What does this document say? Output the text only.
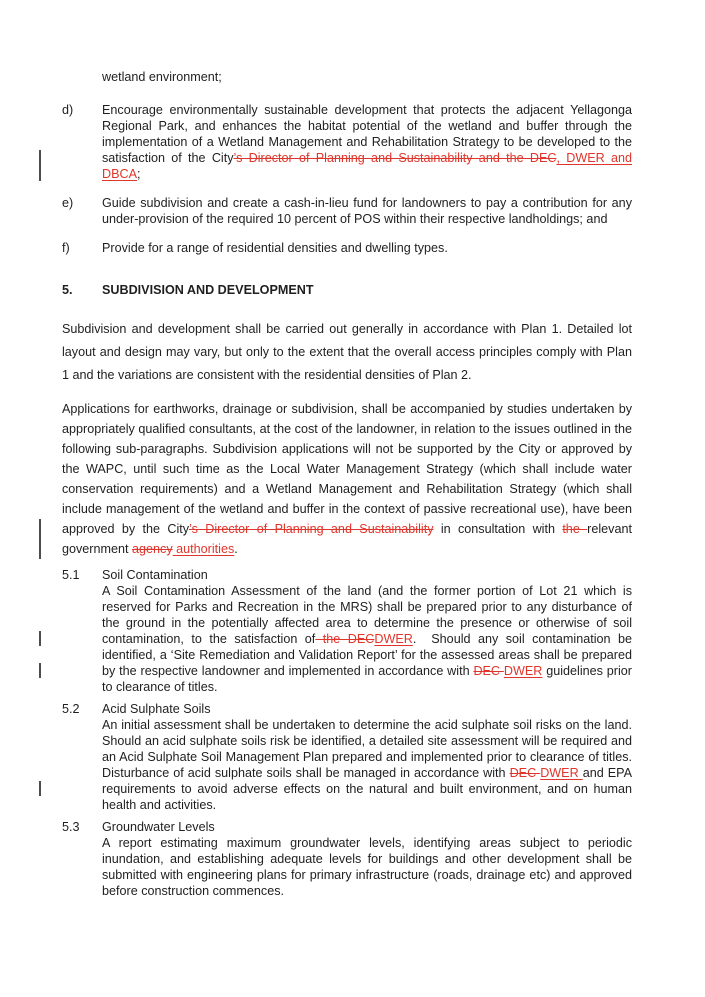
wetland environment;
d)	Encourage environmentally sustainable development that protects the adjacent Yellagonga Regional Park, and enhances the habitat potential of the wetland and buffer through the implementation of a Wetland Management and Rehabilitation Strategy to be developed to the satisfaction of the City’s Director of Planning and Sustainability and the DEC, DWER and DBCA;
e)	Guide subdivision and create a cash-in-lieu fund for landowners to pay a contribution for any under-provision of the required 10 percent of POS within their respective landholdings; and
f)	Provide for a range of residential densities and dwelling types.
5.	SUBDIVISION AND DEVELOPMENT
Subdivision and development shall be carried out generally in accordance with Plan 1. Detailed lot layout and design may vary, but only to the extent that the overall access principles comply with Plan 1 and the variations are consistent with the residential densities of Plan 2.
Applications for earthworks, drainage or subdivision, shall be accompanied by studies undertaken by appropriately qualified consultants, at the cost of the landowner, in relation to the issues outlined in the following sub-paragraphs. Subdivision applications will not be supported by the City or approved by the WAPC, until such time as the Local Water Management Strategy (which shall include water conservation requirements) and a Wetland Management and Rehabilitation Strategy (which shall include management of the wetland and buffer in the context of passive recreational use), have been approved by the City’s Director of Planning and Sustainability in consultation with the relevant government agency authorities.
5.1	Soil Contamination
A Soil Contamination Assessment of the land (and the former portion of Lot 21 which is reserved for Parks and Recreation in the MRS) shall be prepared prior to any disturbance of the ground in the potentially affected area to determine the presence or otherwise of soil contamination, to the satisfaction of the DECDWER.  Should any soil contamination be identified, a ‘Site Remediation and Validation Report’ for the assessed areas shall be prepared by the respective landowner and implemented in accordance with DEC DWER guidelines prior to clearance of titles.
5.2	Acid Sulphate Soils
An initial assessment shall be undertaken to determine the acid sulphate soil risks on the land. Should an acid sulphate soils risk be identified, a detailed site assessment will be required and an Acid Sulphate Soil Management Plan prepared and implemented prior to clearance of titles. Disturbance of acid sulphate soils shall be managed in accordance with DEC DWER and EPA requirements to avoid adverse effects on the natural and built environment, and on human health and activities.
5.3	Groundwater Levels
A report estimating maximum groundwater levels, identifying areas subject to periodic inundation, and establishing adequate levels for buildings and other development shall be submitted with engineering plans for primary infrastructure (roads, drainage etc) and approved before construction commences.
